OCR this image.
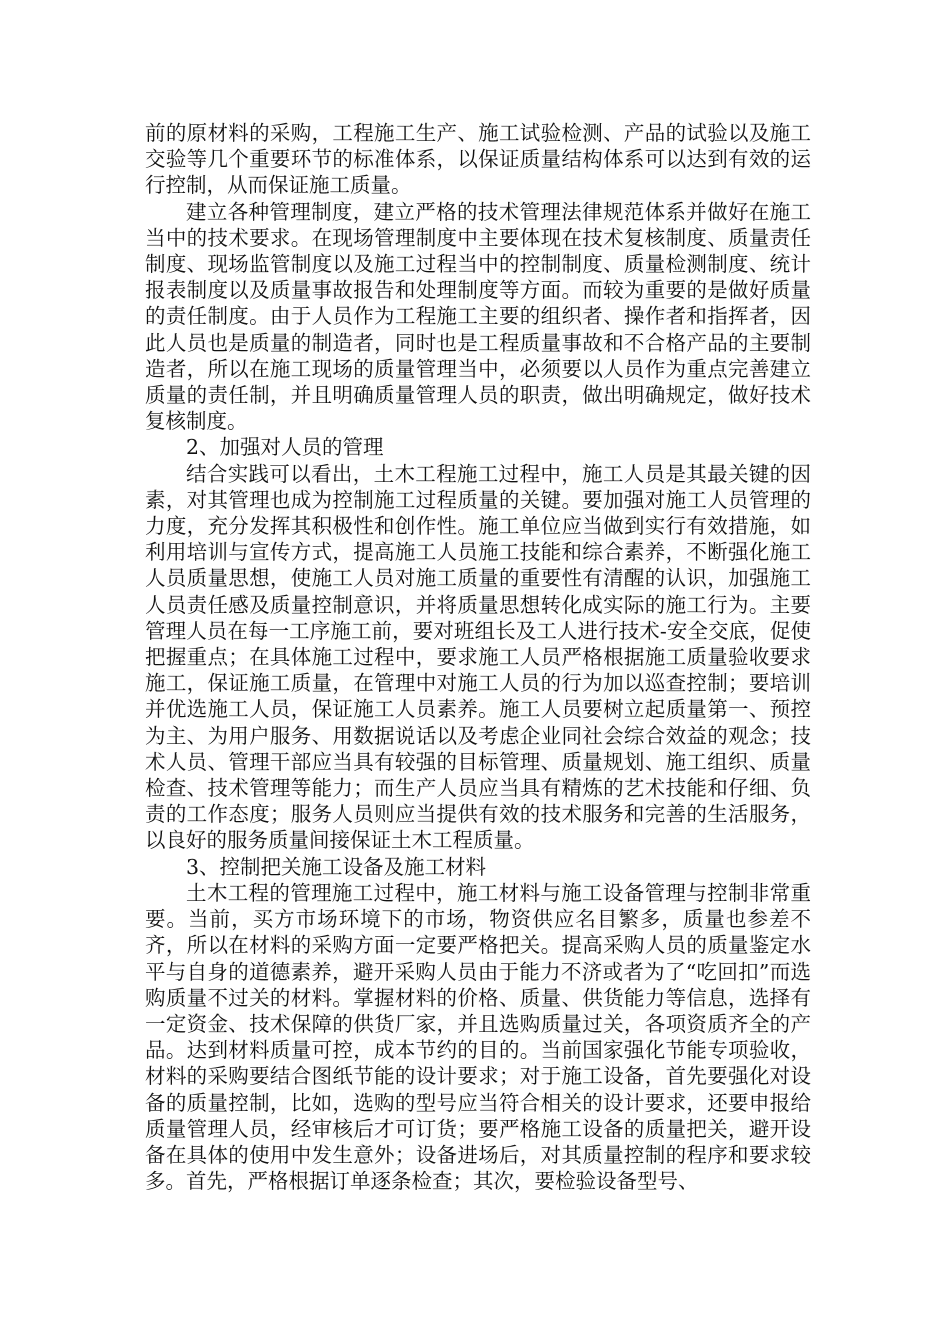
前的原材料的采购，工程施工生产、施工试验检测、产品的试验以及施工交验等几个重要环节的标准体系，以保证质量结构体系可以达到有效的运行控制，从而保证施工质量。

建立各种管理制度，建立严格的技术管理法律规范体系并做好在施工当中的技术要求。在现场管理制度中主要体现在技术复核制度、质量责任制度、现场监管制度以及施工过程当中的控制制度、质量检测制度、统计报表制度以及质量事故报告和处理制度等方面。而较为重要的是做好质量的责任制度。由于人员作为工程施工主要的组织者、操作者和指挥者，因此人员也是质量的制造者，同时也是工程质量事故和不合格产品的主要制造者，所以在施工现场的质量管理当中，必须要以人员作为重点完善建立质量的责任制，并且明确质量管理人员的职责，做出明确规定，做好技术复核制度。

2、加强对人员的管理

结合实践可以看出，土木工程施工过程中，施工人员是其最关键的因素，对其管理也成为控制施工过程质量的关键。要加强对施工人员管理的力度，充分发挥其积极性和创作性。施工单位应当做到实行有效措施，如利用培训与宣传方式，提高施工人员施工技能和综合素养，不断强化施工人员质量思想，使施工人员对施工质量的重要性有清醒的认识，加强施工人员责任感及质量控制意识，并将质量思想转化成实际的施工行为。主要管理人员在每一工序施工前，要对班组长及工人进行技术-安全交底，促使把握重点；在具体施工过程中，要求施工人员严格根据施工质量验收要求施工，保证施工质量，在管理中对施工人员的行为加以巡查控制；要培训并优选施工人员，保证施工人员素养。施工人员要树立起质量第一、预控为主、为用户服务、用数据说话以及考虑企业同社会综合效益的观念；技术人员、管理干部应当具有较强的目标管理、质量规划、施工组织、质量检查、技术管理等能力；而生产人员应当具有精炼的艺术技能和仔细、负责的工作态度；服务人员则应当提供有效的技术服务和完善的生活服务，以良好的服务质量间接保证土木工程质量。

3、控制把关施工设备及施工材料

土木工程的管理施工过程中，施工材料与施工设备管理与控制非常重要。当前，买方市场环境下的市场，物资供应名目繁多，质量也参差不齐，所以在材料的采购方面一定要严格把关。提高采购人员的质量鉴定水平与自身的道德素养，避开采购人员由于能力不济或者为了“吃回扣”而选购质量不过关的材料。掌握材料的价格、质量、供货能力等信息，选择有一定资金、技术保障的供货厂家，并且选购质量过关，各项资质齐全的产品。达到材料质量可控，成本节约的目的。当前国家强化节能专项验收，材料的采购要结合图纸节能的设计要求；对于施工设备，首先要强化对设备的质量控制，比如，选购的型号应当符合相关的设计要求，还要申报给质量管理人员，经审核后才可订货；要严格施工设备的质量把关，避开设备在具体的使用中发生意外；设备进场后，对其质量控制的程序和要求较多。首先，严格根据订单逐条检查；其次，要检验设备型号、
